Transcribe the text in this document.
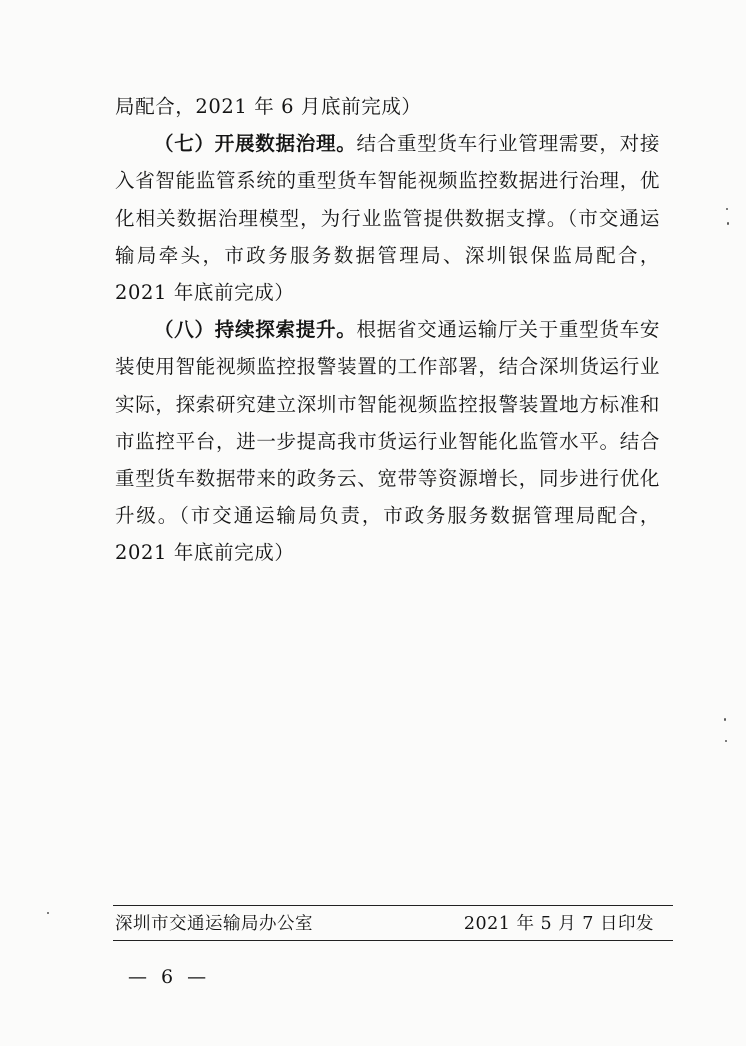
局配合，2021 年 6 月底前完成）

（七）开展数据治理。结合重型货车行业管理需要，对接入省智能监管系统的重型货车智能视频监控数据进行治理，优化相关数据治理模型，为行业监管提供数据支撑。（市交通运输局牵头，市政务服务数据管理局、深圳银保监局配合，2021 年底前完成）

（八）持续探索提升。根据省交通运输厅关于重型货车安装使用智能视频监控报警装置的工作部署，结合深圳货运行业实际，探索研究建立深圳市智能视频监控报警装置地方标准和市监控平台，进一步提高我市货运行业智能化监管水平。结合重型货车数据带来的政务云、宽带等资源增长，同步进行优化升级。（市交通运输局负责，市政务服务数据管理局配合，2021 年底前完成）

深圳市交通运输局办公室	2021 年 5 月 7 日印发
— 6 —
